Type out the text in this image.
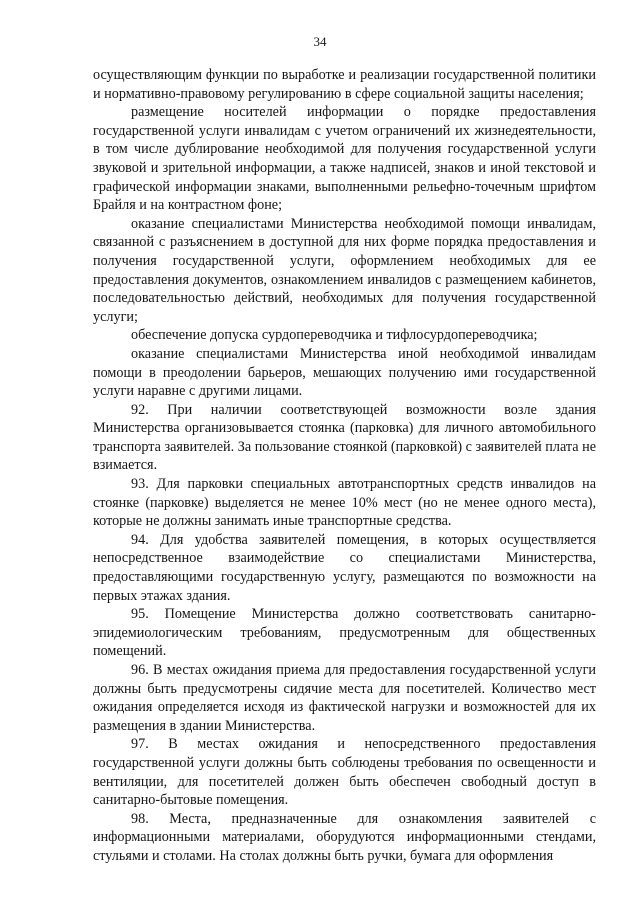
34

осуществляющим функции по выработке и реализации государственной политики и нормативно-правовому регулированию в сфере социальной защиты населения;

размещение носителей информации о порядке предоставления государственной услуги инвалидам с учетом ограничений их жизнедеятельности, в том числе дублирование необходимой для получения государственной услуги звуковой и зрительной информации, а также надписей, знаков и иной текстовой и графической информации знаками, выполненными рельефно-точечным шрифтом Брайля и на контрастном фоне;

оказание специалистами Министерства необходимой помощи инвалидам, связанной с разъяснением в доступной для них форме порядка предоставления и получения государственной услуги, оформлением необходимых для ее предоставления документов, ознакомлением инвалидов с размещением кабинетов, последовательностью действий, необходимых для получения государственной услуги;

обеспечение допуска сурдопереводчика и тифлосурдопереводчика;

оказание специалистами Министерства иной необходимой инвалидам помощи в преодолении барьеров, мешающих получению ими государственной услуги наравне с другими лицами.

92. При наличии соответствующей возможности возле здания Министерства организовывается стоянка (парковка) для личного автомобильного транспорта заявителей. За пользование стоянкой (парковкой) с заявителей плата не взимается.

93. Для парковки специальных автотранспортных средств инвалидов на стоянке (парковке) выделяется не менее 10% мест (но не менее одного места), которые не должны занимать иные транспортные средства.

94. Для удобства заявителей помещения, в которых осуществляется непосредственное взаимодействие со специалистами Министерства, предоставляющими государственную услугу, размещаются по возможности на первых этажах здания.

95. Помещение Министерства должно соответствовать санитарно-эпидемиологическим требованиям, предусмотренным для общественных помещений.

96. В местах ожидания приема для предоставления государственной услуги должны быть предусмотрены сидячие места для посетителей. Количество мест ожидания определяется исходя из фактической нагрузки и возможностей для их размещения в здании Министерства.

97. В местах ожидания и непосредственного предоставления государственной услуги должны быть соблюдены требования по освещенности и вентиляции, для посетителей должен быть обеспечен свободный доступ в санитарно-бытовые помещения.

98. Места, предназначенные для ознакомления заявителей с информационными материалами, оборудуются информационными стендами, стульями и столами. На столах должны быть ручки, бумага для оформления
